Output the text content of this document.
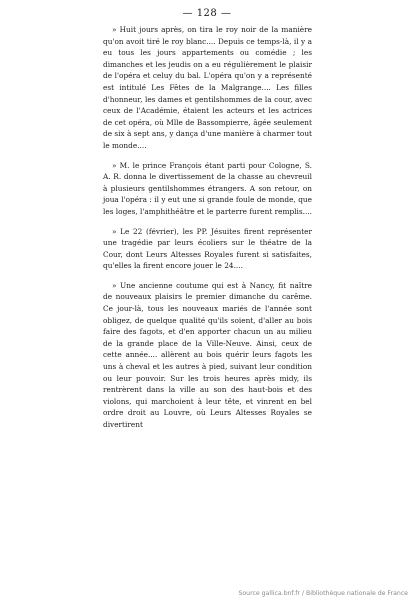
— 128 —

» Huit jours après, on tira le roy noir de la manière qu'on avoit tiré le roy blanc.... Depuis ce temps-là, il y a eu tous les jours appartements ou comédie ; les dimanches et les jeudis on a eu régulièrement le plaisir de l'opéra et celuy du bal. L'opéra qu'on y a représenté est intitulé Les Fêtes de la Malgrange.... Les filles d'honneur, les dames et gentilshommes de la cour, avec ceux de l'Académie, étaient les acteurs et les actrices de cet opéra, où Mlle de Bassompierre, âgée seulement de six à sept ans, y dança d'une manière à charmer tout le monde....

» M. le prince François étant parti pour Cologne, S. A. R. donna le divertissement de la chasse au chevreuil à plusieurs gentilshommes étrangers. A son retour, on joua l'opéra : il y eut une si grande foule de monde, que les loges, l'amphithéâtre et le parterre furent remplis....

» Le 22 (février), les PP. Jésuites firent représenter une tragédie par leurs écoliers sur le théatre de la Cour, dont Leurs Altesses Royales furent si satisfaites, qu'elles la firent encore jouer le 24....

» Une ancienne coutume qui est à Nancy, fit naître de nouveaux plaisirs le premier dimanche du carême. Ce jour-là, tous les nouveaux mariés de l'année sont obligez, de quelque qualité qu'ils soient, d'aller au bois faire des fagots, et d'en apporter chacun un au milieu de la grande place de la Ville-Neuve. Ainsi, ceux de cette année.... allèrent au bois quérir leurs fagots les uns à cheval et les autres à pied, suivant leur condition ou leur pouvoir. Sur les trois heures après midy, ils rentrèrent dans la ville au son des haut-bois et des violons, qui marchoient à leur tête, et vinrent en bel ordre droit au Louvre, où Leurs Altesses Royales se divertirent

Source gallica.bnf.fr / Bibliothèque nationale de France
